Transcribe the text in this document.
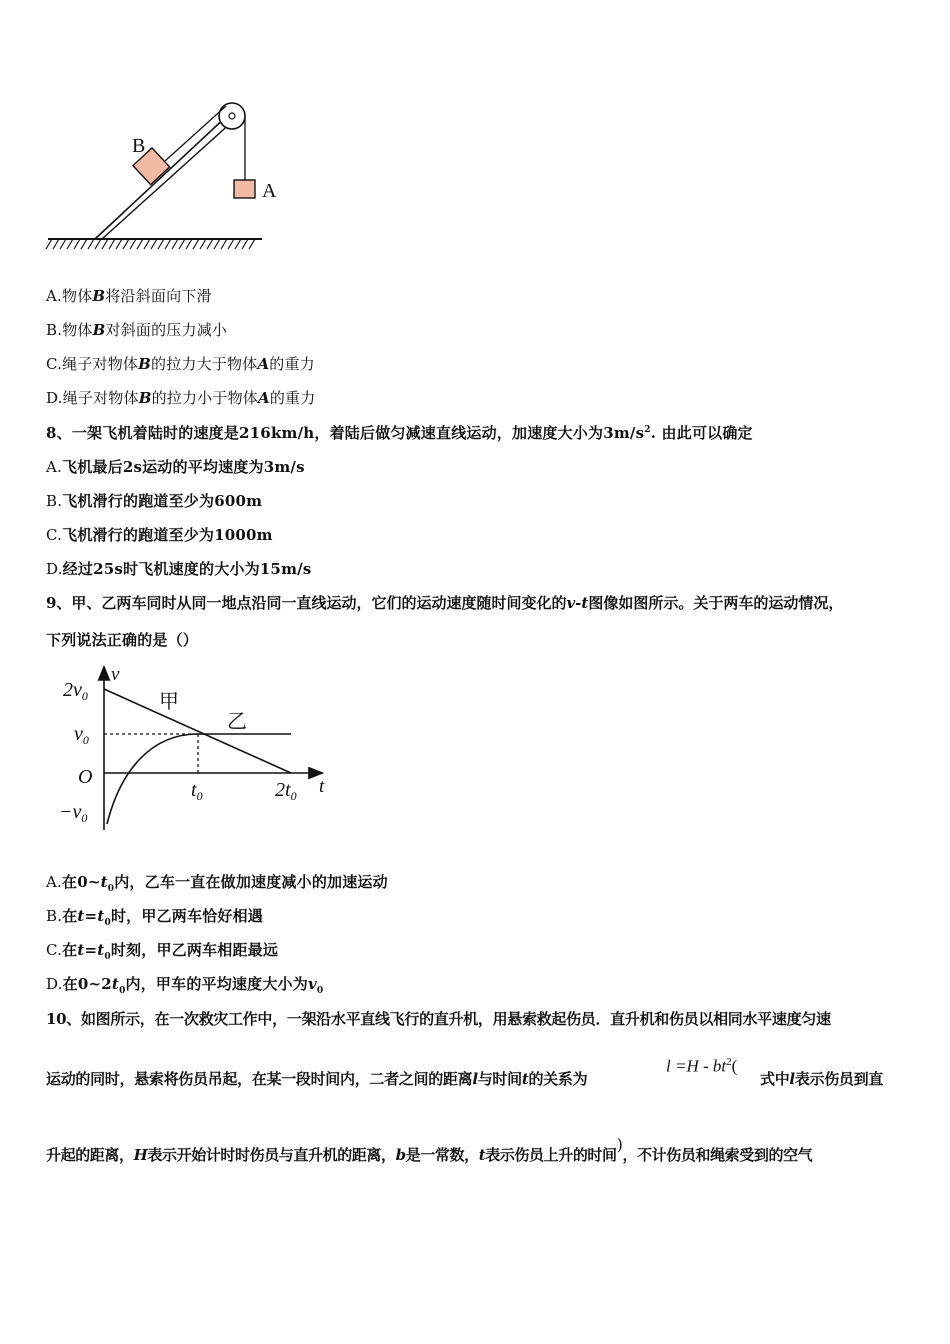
B
A
A.物体B将沿斜面向下滑
B.物体B对斜面的压力减小
C.绳子对物体B的拉力大于物体A的重力
D.绳子对物体B的拉力小于物体A的重力
8、一架飞机着陆时的速度是216km/h，着陆后做匀减速直线运动，加速度大小为$3m/s^2$. 由此可以确定
A.飞机最后2s运动的平均速度为3m/s
B.飞机滑行的跑道至少为600m
C.飞机滑行的跑道至少为1000m
D.经过25s时飞机速度的大小为15m/s
9、甲、乙两车同时从同一地点沿同一直线运动，它们的运动速度随时间变化的v-t图像如图所示。关于两车的运动情况，
下列说法正确的是（）
v
t
$2v_0$
$v_0$
O
$-v_0$
$t_0$	$2t_0$
甲
乙
A.在$0\sim t_0$内，乙车一直在做加速度减小的加速运动
B.在$t=t_0$时，甲乙两车恰好相遇
C.在$t=t_0$时刻，甲乙两车相距最远
D.在$0\sim 2t_0$内，甲车的平均速度大小为$v_0$
10、如图所示，在一次救灾工作中，一架沿水平直线飞行的直升机，用悬索救起伤员．直升机和伤员以相同水平速度匀速
运动的同时，悬索将伤员吊起，在某一段时间内，二者之间的距离l与时间t的关系为
$l =H - bt^2$(
式中l表示伤员到直
升起的距离，H表示开始计时时伤员与直升机的距离，b是一常数，t表示伤员上升的时间)，不计伤员和绳索受到的空气
